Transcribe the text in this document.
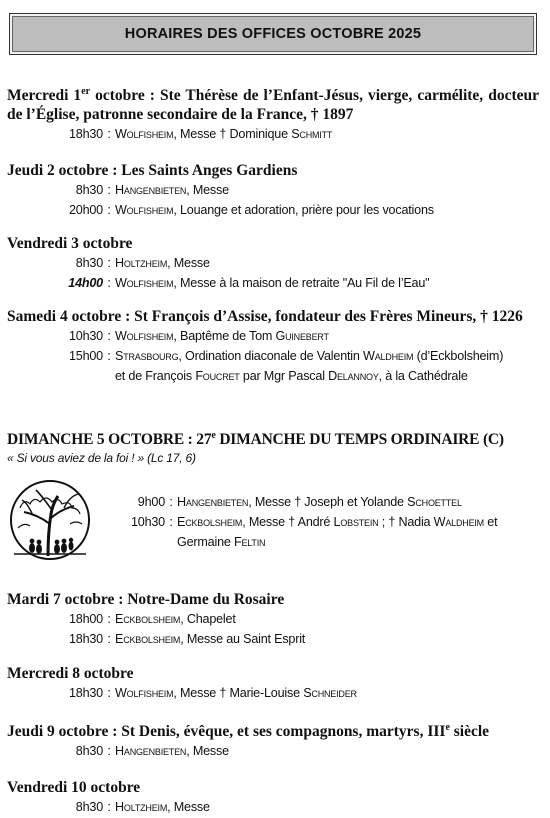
HORAIRES DES OFFICES OCTOBRE 2025

Mercredi 1er octobre : Ste Thérèse de l’Enfant-Jésus, vierge, carmélite, docteur de l’Église, patronne secondaire de la France, † 1897

18h30 : Wolfisheim, Messe † Dominique Schmitt

Jeudi 2 octobre : Les Saints Anges Gardiens

8h30 : Hangenbieten, Messe
20h00 : Wolfisheim, Louange et adoration, prière pour les vocations

Vendredi 3 octobre

8h30 : Holtzheim, Messe
14h00 : Wolfisheim, Messe à la maison de retraite "Au Fil de l’Eau"

Samedi 4 octobre : St François d’Assise, fondateur des Frères Mineurs, † 1226

10h30 : Wolfisheim, Baptême de Tom Guinebert
15h00 : Strasbourg, Ordination diaconale de Valentin Waldheim (d’Eckbolsheim)
et de François Foucret par Mgr Pascal Delannoy, à la Cathédrale

DIMANCHE 5 OCTOBRE : 27e DIMANCHE DU TEMPS ORDINAIRE (C)

« Si vous aviez de la foi ! » (Lc 17, 6)

9h00 : Hangenbieten, Messe † Joseph et Yolande Schoettel
10h30 : Eckbolsheim, Messe † André Lobstein ; † Nadia Waldheim et
Germaine Feltin

Mardi 7 octobre : Notre-Dame du Rosaire

18h00 : Eckbolsheim, Chapelet
18h30 : Eckbolsheim, Messe au Saint Esprit

Mercredi 8 octobre

18h30 : Wolfisheim, Messe † Marie-Louise Schneider

Jeudi 9 octobre : St Denis, évêque, et ses compagnons, martyrs, IIIe siècle

8h30 : Hangenbieten, Messe

Vendredi 10 octobre

8h30 : Holtzheim, Messe
